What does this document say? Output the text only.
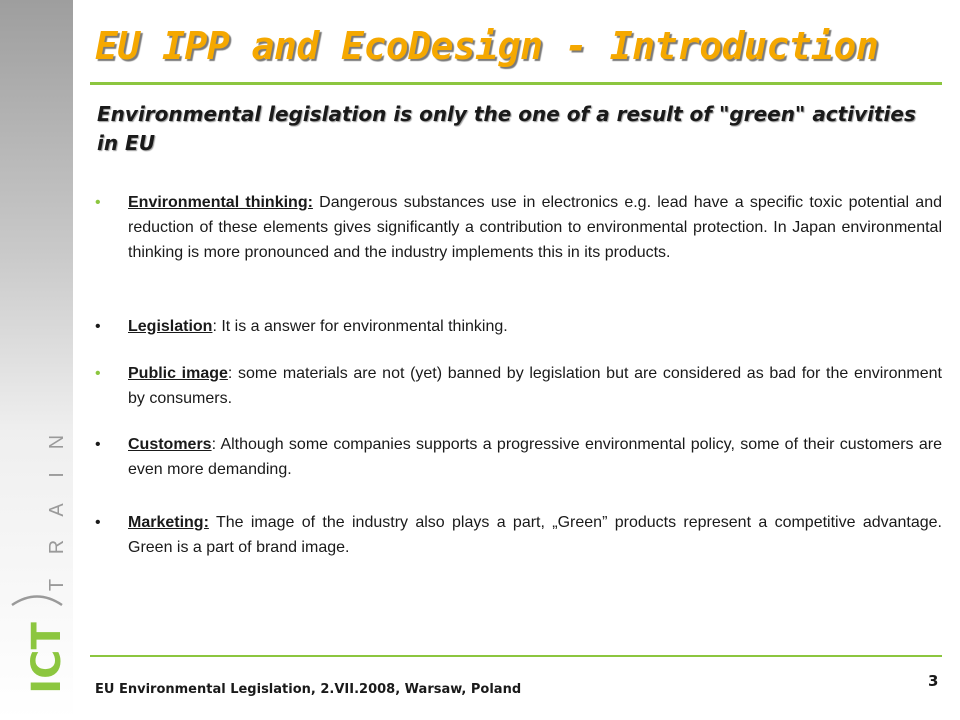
T
R
A
I
N
ICT
EU IPP and EcoDesign - Introduction
Environmental legislation is only the one of a result of "green" activities in EU
•	Environmental thinking: Dangerous substances use in electronics e.g. lead have a specific toxic potential and reduction of these elements gives significantly a contribution to environmental protection. In Japan environmental thinking is more pronounced and the industry implements this in its products.
•	Legislation: It is a answer for environmental thinking.
•	Public image: some materials are not (yet) banned by legislation but are considered as bad for the environment by consumers.
•	Customers: Although some companies supports a progressive environmental policy, some of their customers are even more demanding.
•	Marketing: The image of the industry also plays a part, „Green” products represent a competitive advantage. Green is a part of brand image.
EU Environmental Legislation, 2.VII.2008, Warsaw, Poland	3
